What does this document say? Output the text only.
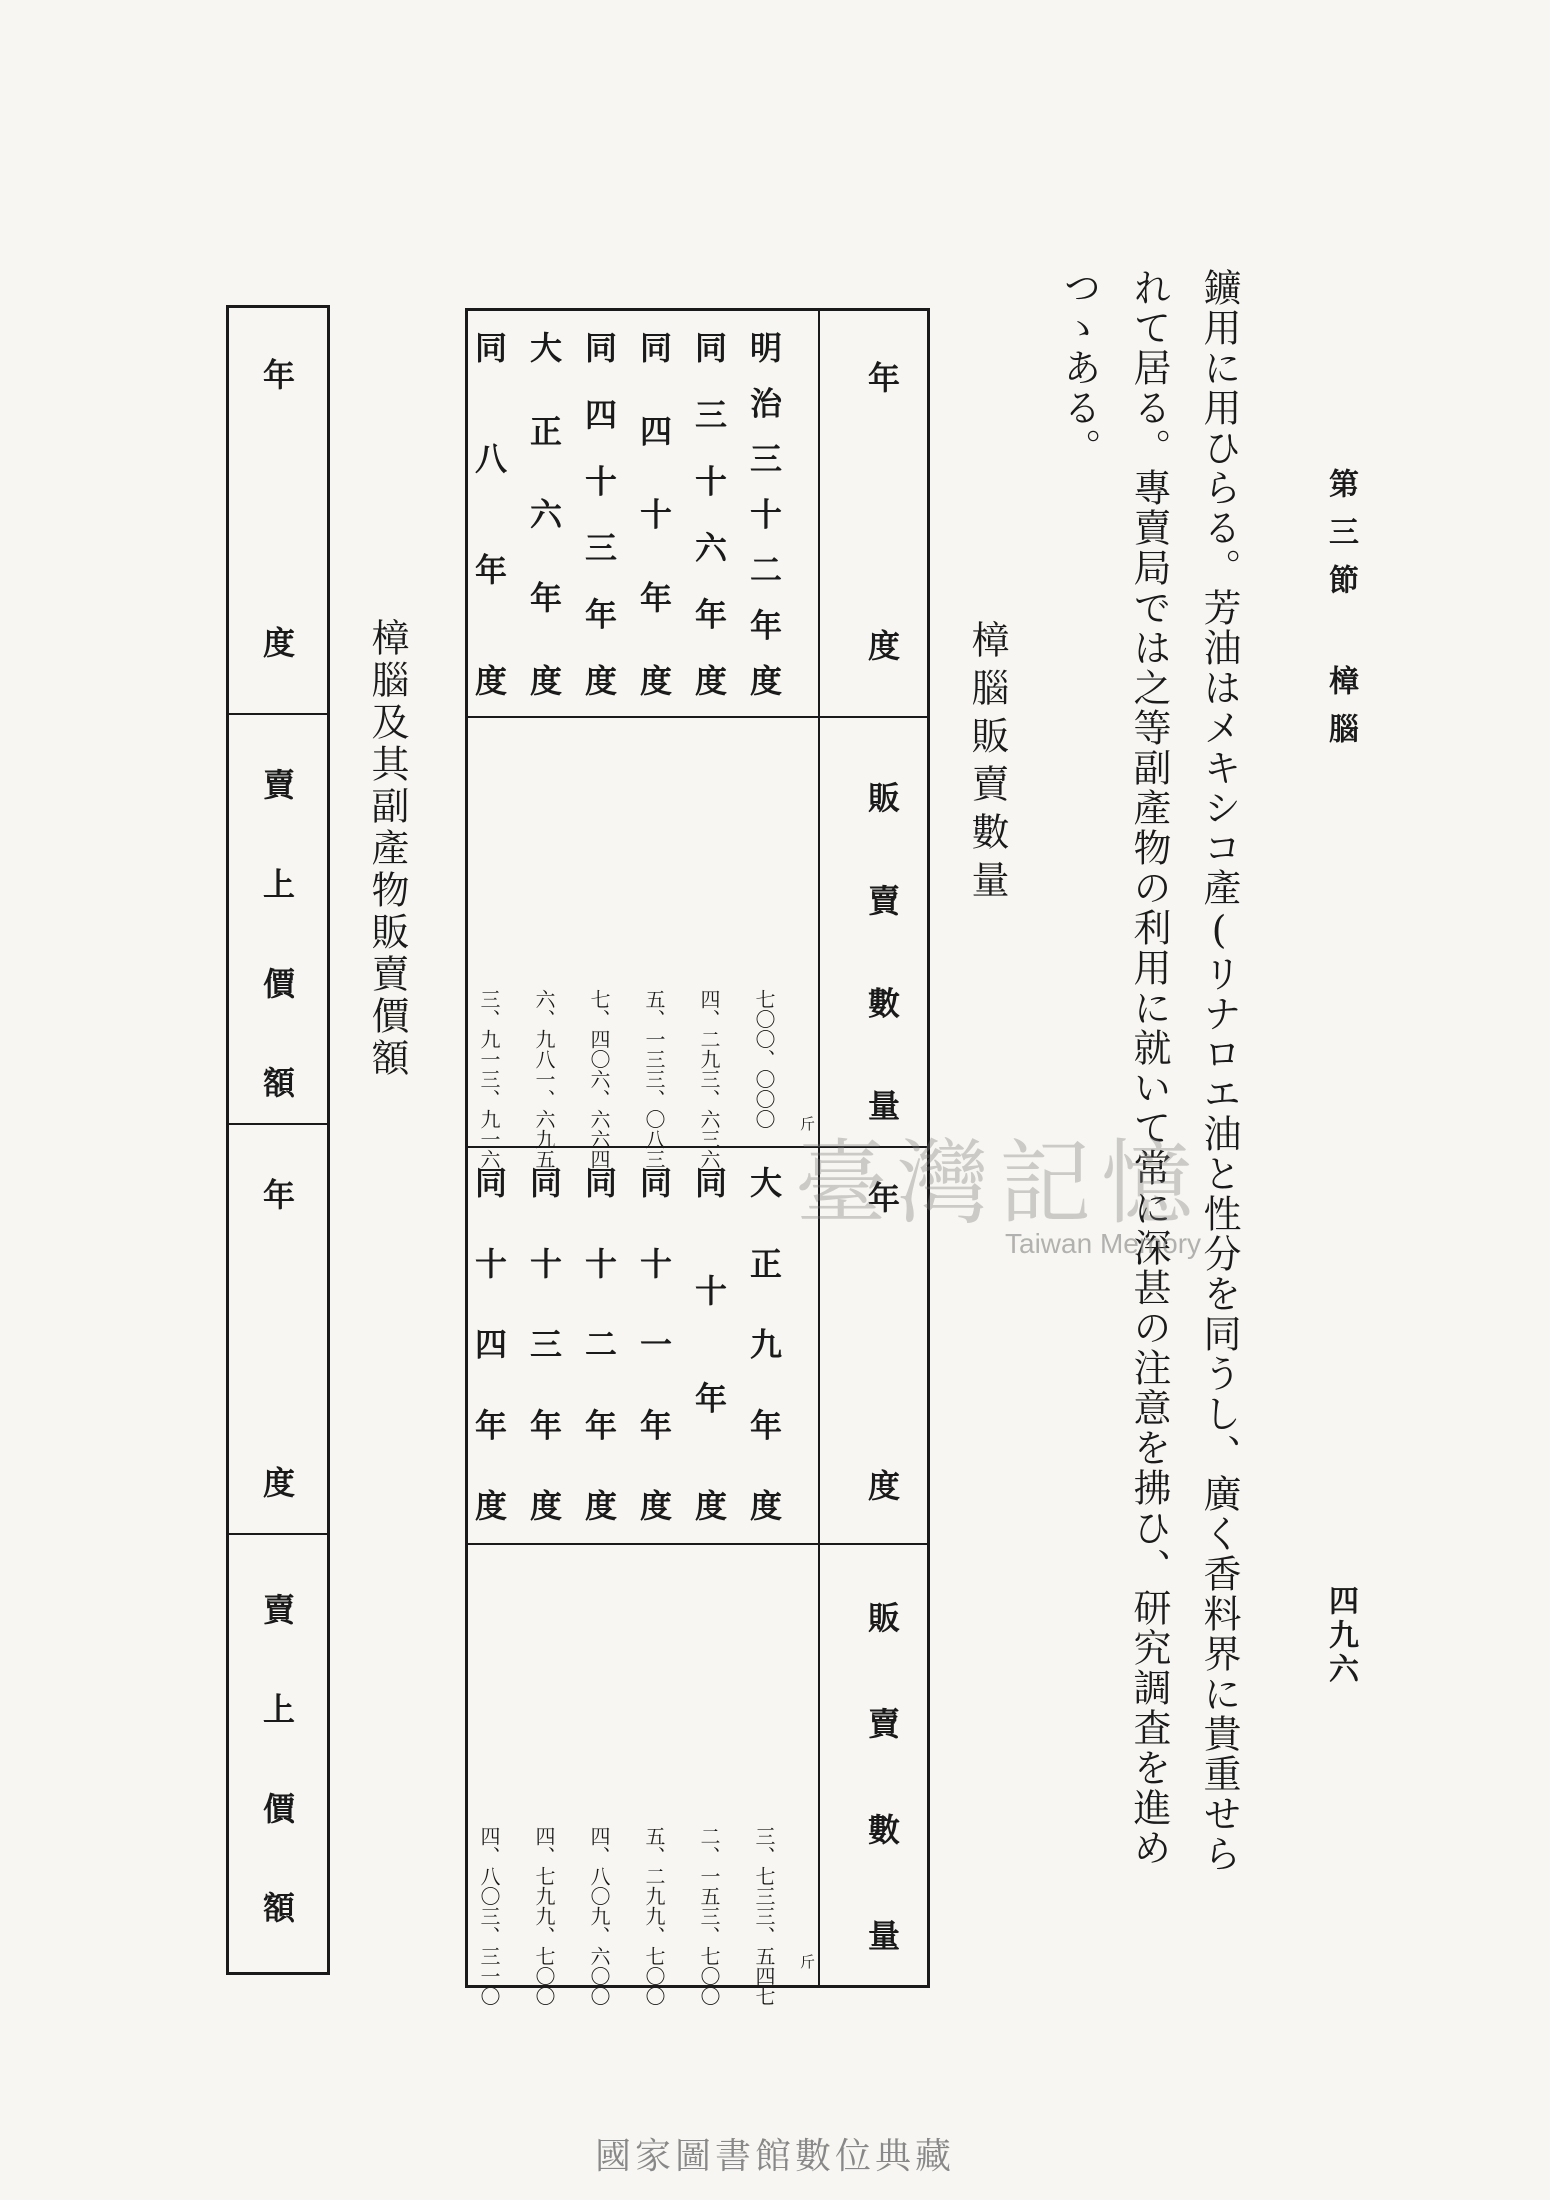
第三節 樟腦
四九六
鑛用に用ひらる。芳油はメキシコ產(リナロエ油と性分を同うし、廣く香料界に貴重せら
れて居る。專賣局では之等副產物の利用に就いて常に深甚の注意を拂ひ、研究調査を進め
つゝある。
樟腦販賣數量
年度
販賣數量
年度
販賣數量
斤
斤
明治三十二年度
同三十六年度
同四十年度
同四十三年度
大正六年度
同八年度
七〇〇、〇〇〇
四、二九三、六三六
五、一三三、〇八三
七、四〇六、六六四
六、九八一、六九五
三、九一三、九一六
大正九年度
同十年度
同十一年度
同十二年度
同十三年度
同十四年度
三、七三三、五四七
二、一五三、七〇〇
五、二九九、七〇〇
四、八〇九、六〇〇
四、七九九、七〇〇
四、八〇三、三一〇
樟腦及其副產物販賣價額
年度
賣上價額
年度
賣上價額
臺灣記憶
Taiwan Memory
國家圖書館數位典藏
